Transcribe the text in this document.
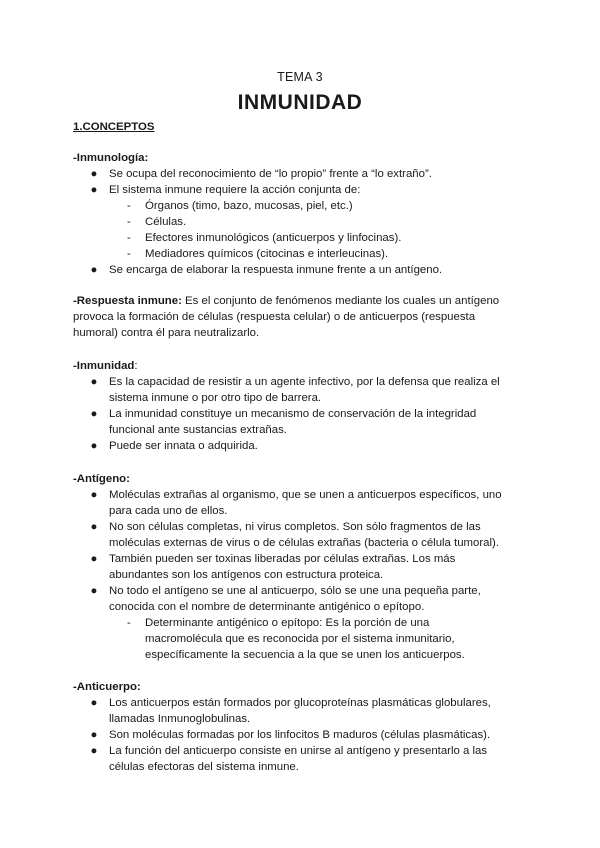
TEMA 3
INMUNIDAD
1.CONCEPTOS
-Inmunología:
● Se ocupa del reconocimiento de “lo propio” frente a “lo extraño”.
● El sistema inmune requiere la acción conjunta de:
- Órganos (timo, bazo, mucosas, piel, etc.)
- Células.
- Efectores inmunológicos (anticuerpos y linfocinas).
- Mediadores químicos (citocinas e interleucinas).
● Se encarga de elaborar la respuesta inmune frente a un antígeno.
-Respuesta inmune: Es el conjunto de fenómenos mediante los cuales un antígeno
provoca la formación de células (respuesta celular) o de anticuerpos (respuesta
humoral) contra él para neutralizarlo.
-Inmunidad:
● Es la capacidad de resistir a un agente infectivo, por la defensa que realiza el
sistema inmune o por otro tipo de barrera.
● La inmunidad constituye un mecanismo de conservación de la integridad
funcional ante sustancias extrañas.
● Puede ser innata o adquirida.
-Antígeno:
● Moléculas extrañas al organismo, que se unen a anticuerpos específicos, uno
para cada uno de ellos.
● No son células completas, ni virus completos. Son sólo fragmentos de las
moléculas externas de virus o de células extrañas (bacteria o célula tumoral).
● También pueden ser toxinas liberadas por células extrañas. Los más
abundantes son los antígenos con estructura proteica.
● No todo el antígeno se une al anticuerpo, sólo se une una pequeña parte,
conocida con el nombre de determinante antigénico o epítopo.
- Determinante antigénico o epítopo: Es la porción de una
macromolécula que es reconocida por el sistema inmunitario,
específicamente la secuencia a la que se unen los anticuerpos.
-Anticuerpo:
● Los anticuerpos están formados por glucoproteínas plasmáticas globulares,
llamadas Inmunoglobulinas.
● Son moléculas formadas por los linfocitos B maduros (células plasmáticas).
● La función del anticuerpo consiste en unirse al antígeno y presentarlo a las
células efectoras del sistema inmune.
